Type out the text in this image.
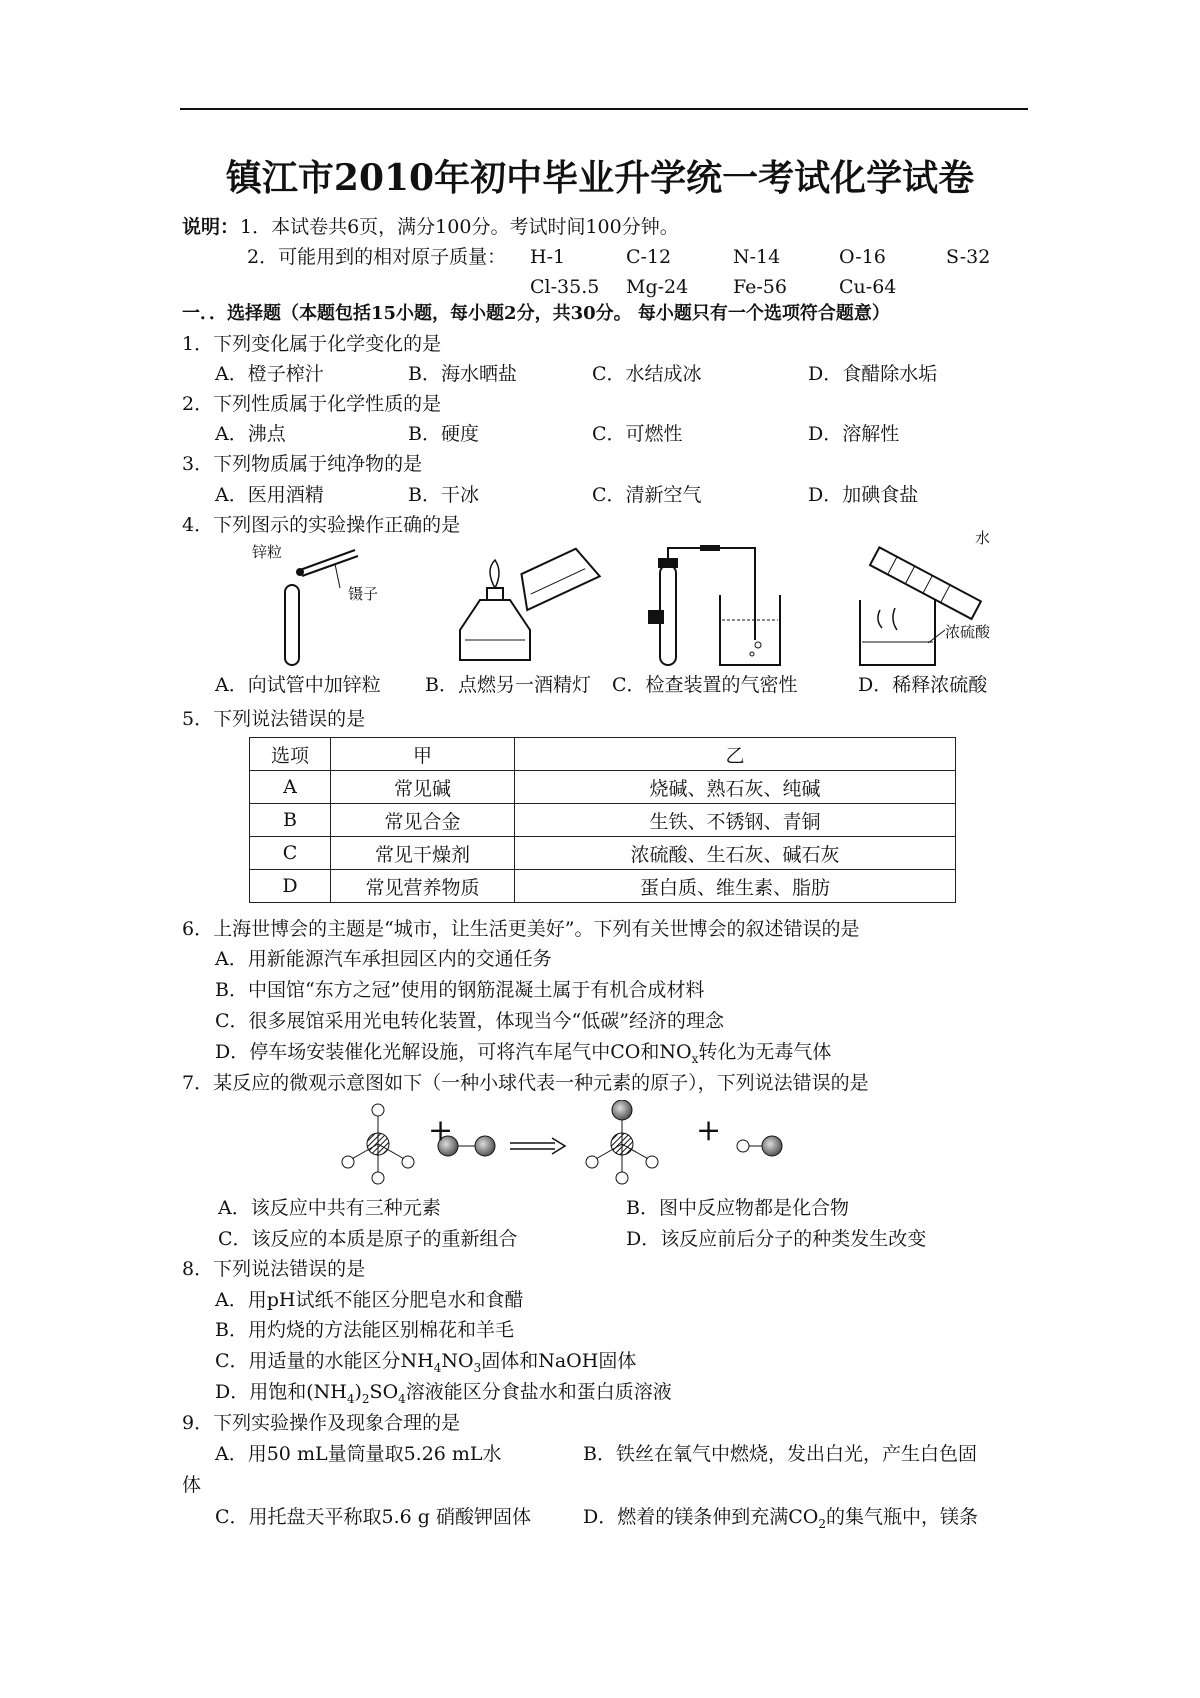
镇江市2010年初中毕业升学统一考试化学试卷
说明： 1．本试卷共6页，满分100分。考试时间100分钟。
2．可能用到的相对原子质量： H-1	C-12	N-14	O-16	S-32
Cl-35.5 Mg-24 Fe-56	Cu-64
一．．选择题（本题包括15小题，每小题2分，共30分。 每小题只有一个选项符合题意）
1．下列变化属于化学变化的是
A．橙子榨汁	B．海水晒盐	C．水结成冰	D．食醋除水垢
2．下列性质属于化学性质的是
A．沸点	B．硬度	C．可燃性	D．溶解性
3．下列物质属于纯净物的是
A．医用酒精	B．干冰	C．清新空气	D．加碘食盐
4．下列图示的实验操作正确的是
锌粒
镊子
水
浓硫酸
A．向试管中加锌粒 B．点燃另一酒精灯 C．检查装置的气密性	D．稀释浓硫酸
5．下列说法错误的是
选项	甲	乙
A	常见碱	烧碱、熟石灰、纯碱
B	常见合金	生铁、不锈钢、青铜
C	常见干燥剂	浓硫酸、生石灰、碱石灰
D	常见营养物质	蛋白质、维生素、脂肪
6．上海世博会的主题是“城市，让生活更美好”。下列有关世博会的叙述错误的是
A．用新能源汽车承担园区内的交通任务
B．中国馆“东方之冠”使用的钢筋混凝土属于有机合成材料
C．很多展馆采用光电转化装置，体现当今“低碳”经济的理念
D．停车场安装催化光解设施，可将汽车尾气中CO和$NO_x$转化为无毒气体
7．某反应的微观示意图如下（一种小球代表一种元素的原子），下列说法错误的是
+	+
A．该反应中共有三种元素	B．图中反应物都是化合物
C．该反应的本质是原子的重新组合	D．该反应前后分子的种类发生改变
8．下列说法错误的是
A．用pH试纸不能区分肥皂水和食醋
B．用灼烧的方法能区别棉花和羊毛
C．用适量的水能区分$NH_4NO_3$固体和NaOH固体
D．用饱和$(NH_4)_2SO_4$溶液能区分食盐水和蛋白质溶液
9．下列实验操作及现象合理的是
A．用50 mL量筒量取5.26 mL水	B．铁丝在氧气中燃烧，发出白光，产生白色固
体
C．用托盘天平称取5.6 g 硝酸钾固体	D．燃着的镁条伸到充满$CO_2$的集气瓶中，镁条
